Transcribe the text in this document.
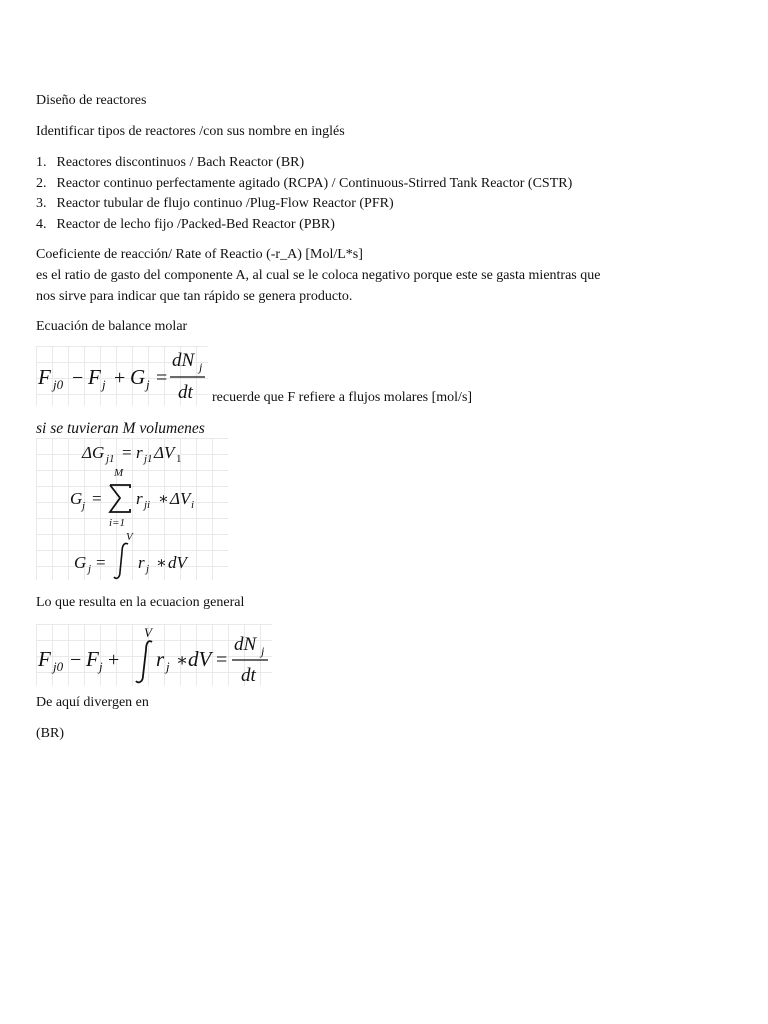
Diseño de reactores
Identificar tipos de reactores /con sus nombre en inglés
1. Reactores discontinuos / Bach Reactor (BR)
2. Reactor continuo perfectamente agitado (RCPA) / Continuous-Stirred Tank Reactor (CSTR)
3. Reactor tubular de flujo continuo /Plug-Flow Reactor (PFR)
4. Reactor de lecho fijo /Packed-Bed Reactor (PBR)
Coeficiente de reacción/ Rate of Reactio (-r_A) [Mol/L*s]
es el ratio de gasto del componente A, al cual se le coloca negativo porque este se gasta mientras que
nos sirve para indicar que tan rápido se genera producto.
Ecuación de balance molar
F j0 − F j + G j =
dN j
dt recuerde que F refiere a flujos molares [mol/s]
si se tuvieran M volumenes
ΔG j1 = r j1 ΔV 1
M
G j =
i=1
r ji ∗ ΔV i
V
G j = r j ∗ dV
Lo que resulta en la ecuacion general
F j0 − F j +
V
r j ∗ dV =
dN j
dt
De aquí divergen en
(BR)
